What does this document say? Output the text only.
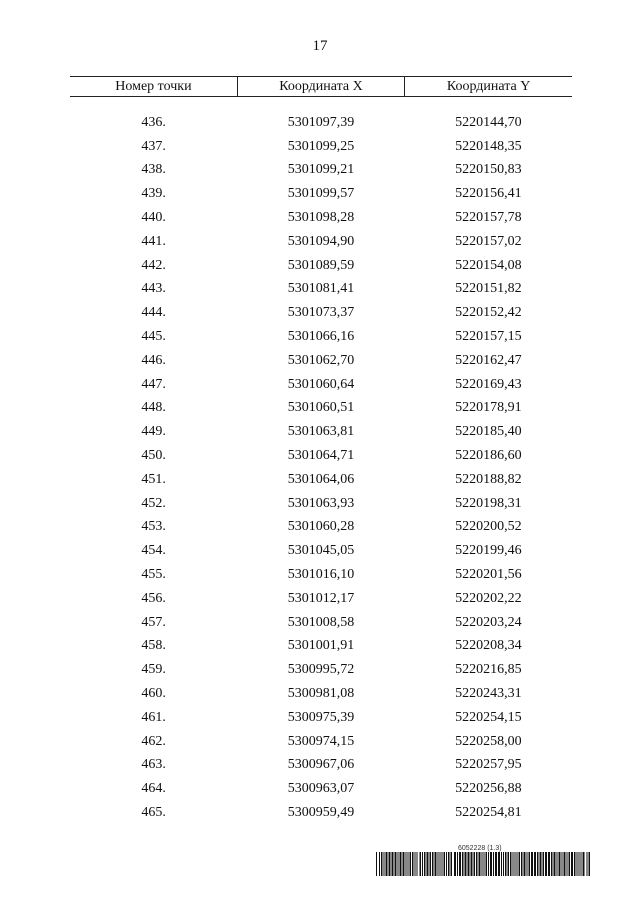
17
Номер точки	Координата X	Координата Y

436.	5301097,39	5220144,70
437.	5301099,25	5220148,35
438.	5301099,21	5220150,83
439.	5301099,57	5220156,41
440.	5301098,28	5220157,78
441.	5301094,90	5220157,02
442.	5301089,59	5220154,08
443.	5301081,41	5220151,82
444.	5301073,37	5220152,42
445.	5301066,16	5220157,15
446.	5301062,70	5220162,47
447.	5301060,64	5220169,43
448.	5301060,51	5220178,91
449.	5301063,81	5220185,40
450.	5301064,71	5220186,60
451.	5301064,06	5220188,82
452.	5301063,93	5220198,31
453.	5301060,28	5220200,52
454.	5301045,05	5220199,46
455.	5301016,10	5220201,56
456.	5301012,17	5220202,22
457.	5301008,58	5220203,24
458.	5301001,91	5220208,34
459.	5300995,72	5220216,85
460.	5300981,08	5220243,31
461.	5300975,39	5220254,15
462.	5300974,15	5220258,00
463.	5300967,06	5220257,95
464.	5300963,07	5220256,88
465.	5300959,49	5220254,81
6052228 (1.3)
